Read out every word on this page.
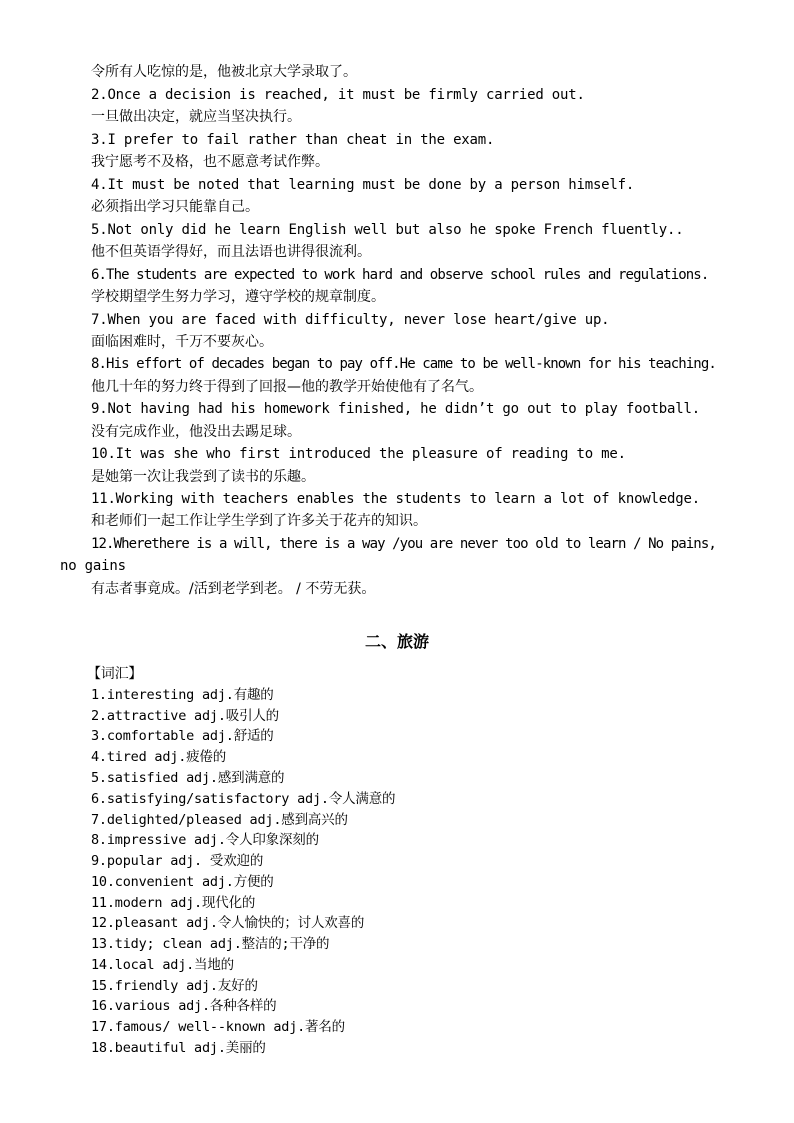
令所有人吃惊的是，他被北京大学录取了。
2.Once a decision is reached, it must be firmly carried out.
一旦做出决定，就应当坚决执行。
3.I prefer to fail rather than cheat in the exam.
我宁愿考不及格，也不愿意考试作弊。
4.It must be noted that learning must be done by a person himself.
必须指出学习只能靠自己。
5.Not only did he learn English well but also he spoke French fluently..
他不但英语学得好，而且法语也讲得很流利。
6.The students are expected to work hard and observe school rules and regulations.
学校期望学生努力学习，遵守学校的规章制度。
7.When you are faced with difficulty, never lose heart/give up.
面临困难时，千万不要灰心。
8.His effort of decades began to pay off.He came to be well-known for his teaching.
他几十年的努力终于得到了回报—他的教学开始使他有了名气。
9.Not having had his homework finished, he didn’t go out to play football.
没有完成作业，他没出去踢足球。
10.It was she who first introduced the pleasure of reading to me.
是她第一次让我尝到了读书的乐趣。
11.Working with teachers enables the students to learn a lot of knowledge.
和老师们一起工作让学生学到了许多关于花卉的知识。
12.Wherethere is a will, there is a way /you are never too old to learn / No pains,
no gains
有志者事竟成。/活到老学到老。 / 不劳无获。
二、旅游
【词汇】
1.interesting adj.有趣的
2.attractive adj.吸引人的
3.comfortable adj.舒适的
4.tired adj.疲倦的
5.satisfied adj.感到满意的
6.satisfying/satisfactory adj.令人满意的
7.delighted/pleased adj.感到高兴的
8.impressive adj.令人印象深刻的
9.popular adj. 受欢迎的
10.convenient adj.方便的
11.modern adj.现代化的
12.pleasant adj.令人愉快的；讨人欢喜的
13.tidy; clean adj.整洁的;干净的
14.local adj.当地的
15.friendly adj.友好的
16.various adj.各种各样的
17.famous/ well--known adj.著名的
18.beautiful adj.美丽的
